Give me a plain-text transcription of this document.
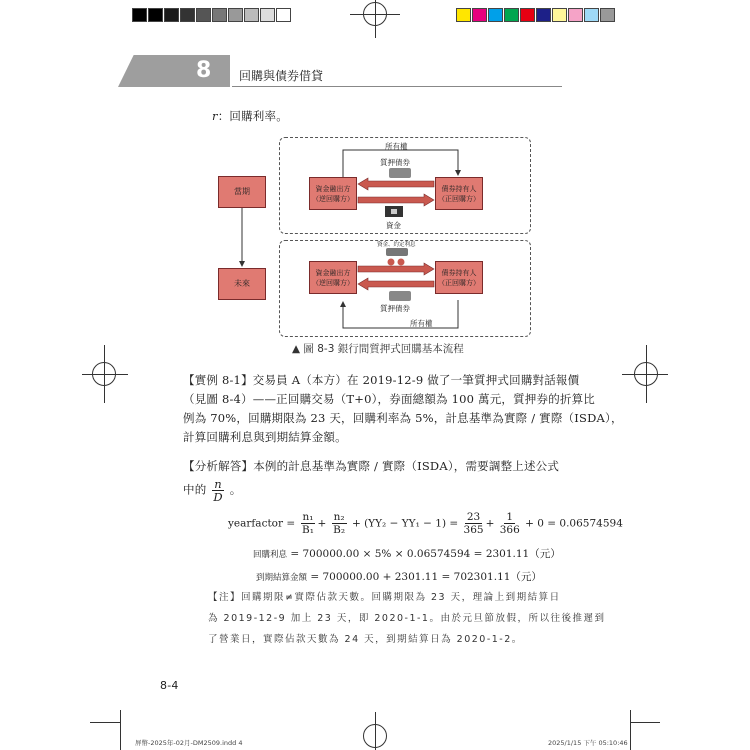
8 回購與債券借貸
r：回購利率。
當期
未來
資金融出方
（逆回購方）
債券持有人
（正回購方）
資金融出方
（逆回購方）
債券持有人
（正回購方）
所有權
質押債券
資金
資金、約定利息
質押債券
所有權
▲ 圖 8-3 銀行間質押式回購基本流程
【實例 8-1】交易員 A（本方）在 2019-12-9 做了一筆質押式回購對話報價
（見圖 8-4）——正回購交易（T+0），券面總額為 100 萬元，質押券的折算比
例為 70%，回購期限為 23 天，回購利率為 5%，計息基準為實際 / 實際（ISDA），
計算回購利息與到期結算金額。
【分析解答】本例的計息基準為實際 / 實際（ISDA），需要調整上述公式
中的 $\frac{n}{D}$ 。
yearfactor = $\frac{\text{n₁}}{\text{B₁}} + \frac{\text{n₂}}{\text{B₂}} + (YY_2 - YY_1 - 1) = \frac{23}{365} + \frac{1}{366} + 0 = 0.06574594$
回購利息 = 700000.00 × 5% × 0.06574594 = 2301.11（元）
到期結算金額 = 700000.00 + 2301.11 = 702301.11（元）
【注】回購期限≠實際佔款天數。回購期限為 23 天，理論上到期結算日
為 2019-12-9 加上 23 天，即 2020-1-1。由於元旦節放假，所以往後推遲到
了營業日，實際佔款天數為 24 天，到期結算日為 2020-1-2。
8-4
屏幣-2025年-02月-DM2509.indd 4	2025/1/15 下午 05:10:46
